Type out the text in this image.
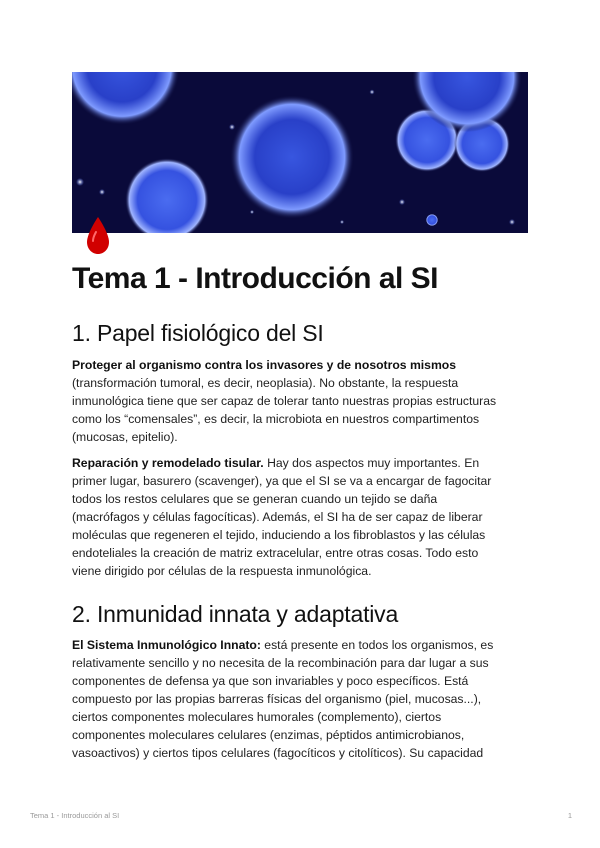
Tema 1 - Introducción al SI
1. Papel fisiológico del SI

Proteger al organismo contra los invasores y de nosotros mismos
(transformación tumoral, es decir, neoplasia). No obstante, la respuesta
inmunológica tiene que ser capaz de tolerar tanto nuestras propias estructuras
como los “comensales”, es decir, la microbiota en nuestros compartimentos
(mucosas, epitelio).

Reparación y remodelado tisular. Hay dos aspectos muy importantes. En
primer lugar, basurero (scavenger), ya que el SI se va a encargar de fagocitar
todos los restos celulares que se generan cuando un tejido se daña
(macrófagos y células fagocíticas). Además, el SI ha de ser capaz de liberar
moléculas que regeneren el tejido, induciendo a los fibroblastos y las células
endoteliales la creación de matriz extracelular, entre otras cosas. Todo esto
viene dirigido por células de la respuesta inmunológica.

2. Inmunidad innata y adaptativa

El Sistema Inmunológico Innato: está presente en todos los organismos, es
relativamente sencillo y no necesita de la recombinación para dar lugar a sus
componentes de defensa ya que son invariables y poco específicos. Está
compuesto por las propias barreras físicas del organismo (piel, mucosas...),
ciertos componentes moleculares humorales (complemento), ciertos
componentes moleculares celulares (enzimas, péptidos antimicrobianos,
vasoactivos) y ciertos tipos celulares (fagocíticos y citolíticos). Su capacidad

Tema 1 - Introducción al SI	1
